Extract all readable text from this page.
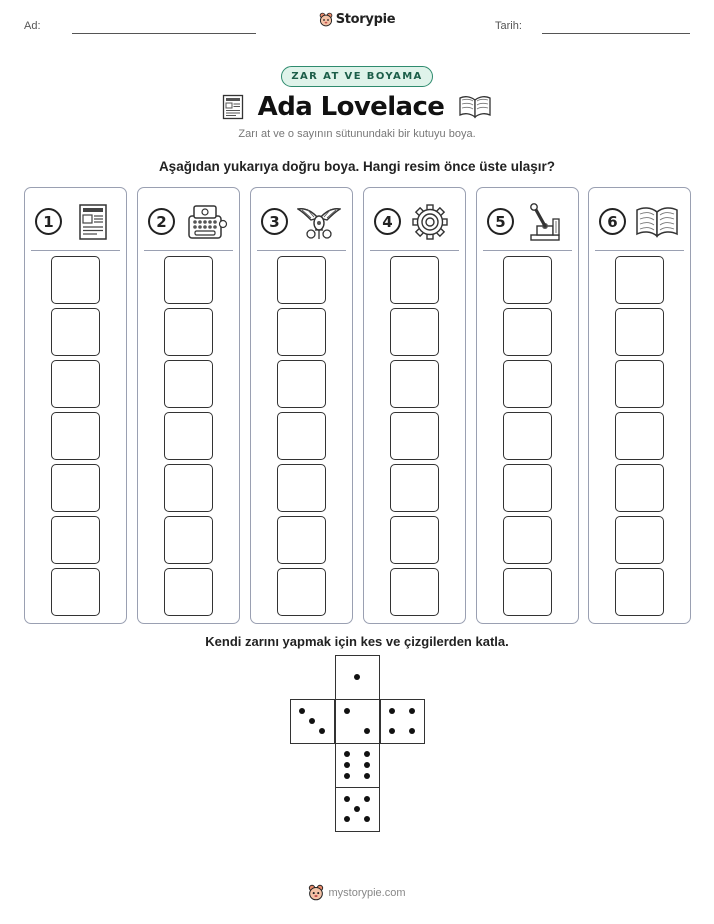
Ad:	Tarih:
Storypie
ZAR AT VE BOYAMA
Ada Lovelace
Zarı at ve o sayının sütunundaki bir kutuyu boya.
Aşağıdan yukarıya doğru boya. Hangi resim önce üste ulaşır?
1	2	3	4	5	6
Kendi zarını yapmak için kes ve çizgilerden katla.
mystorypie.com
